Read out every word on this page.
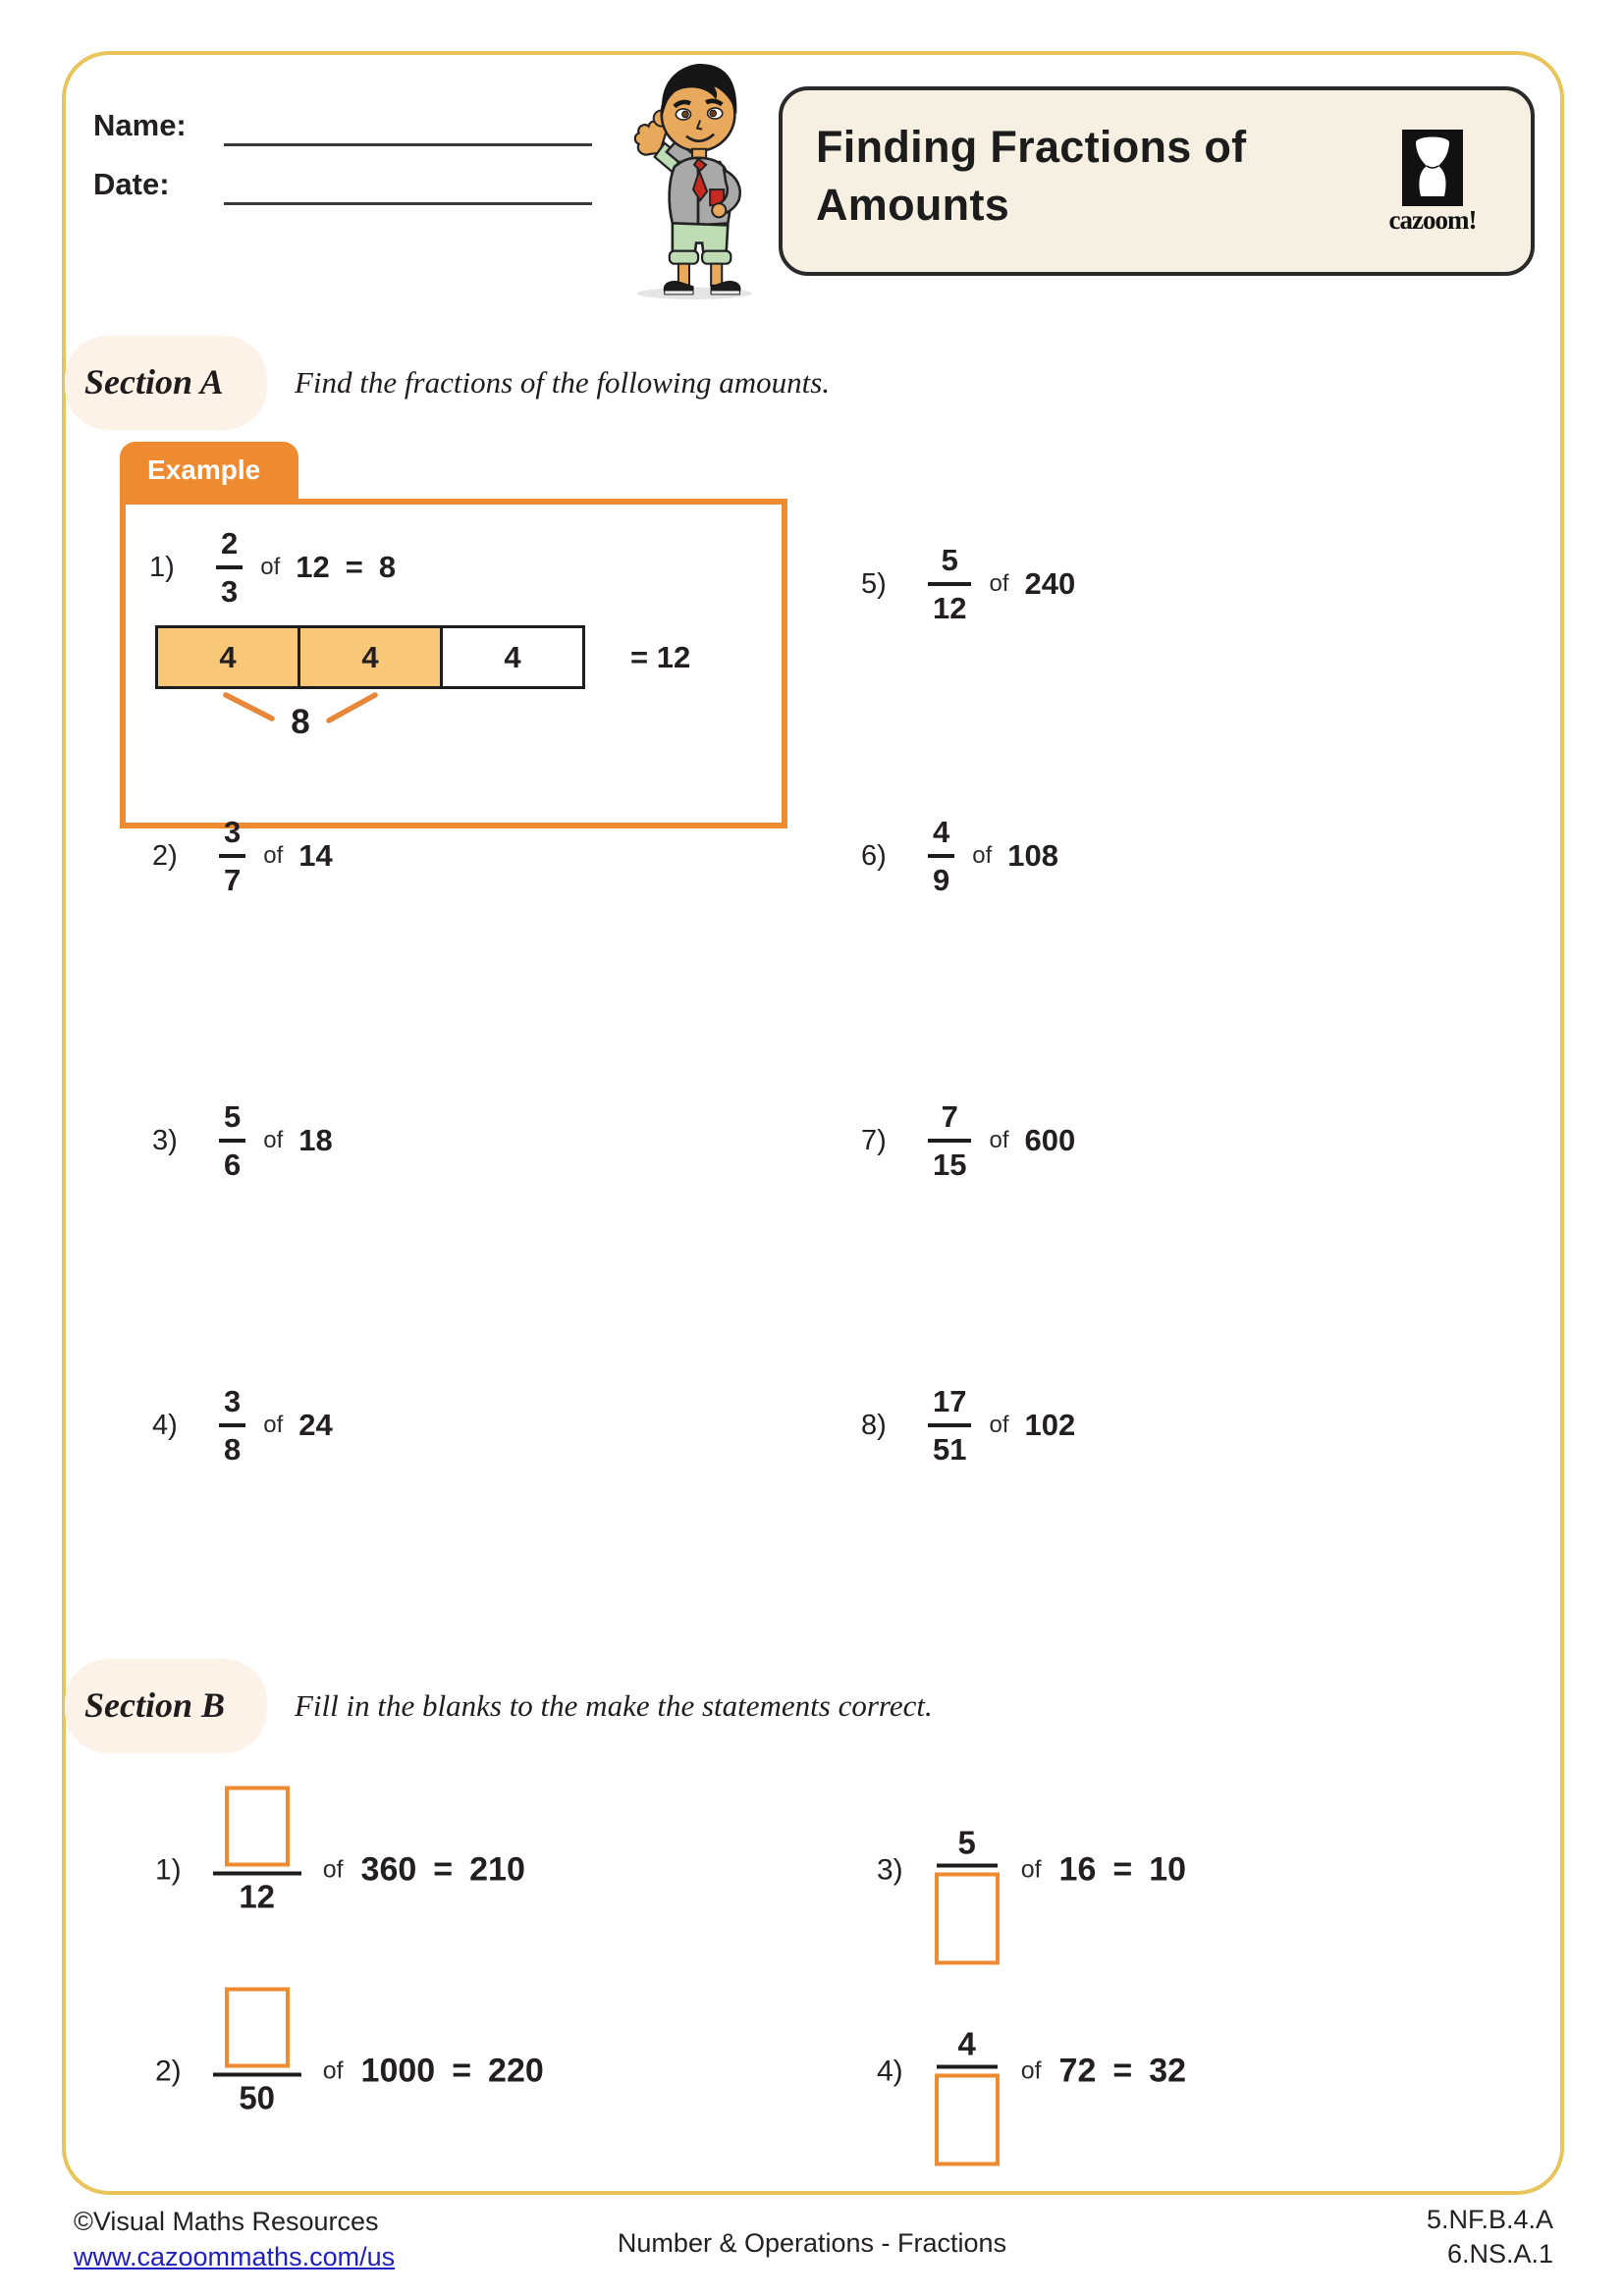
Name:
Date:
Finding Fractions of Amounts	cazoom!
Section A Find the fractions of the following amounts.
Example
1)	$\frac{2}{3}$ of 12 = 8
4	4	4	= 12
8
2)	$\frac{3}{7}$ of 14
3)	$\frac{5}{6}$ of 18
4)	$\frac{3}{8}$ of 24
5)	$\frac{5}{12}$ of 240
6)	$\frac{4}{9}$ of 108
7)	$\frac{7}{15}$ of 600
8)	$\frac{17}{51}$ of 102
Section B Fill in the blanks to the make the statements correct.
1)
12
of 360 = 210
2)
50
of 1000 = 220
3)
5
of 16 = 10
4)
4
of 72 = 32
©Visual Maths Resources
www.cazoommaths.com/us	Number & Operations - Fractions
5.NF.B.4.A
6.NS.A.1
